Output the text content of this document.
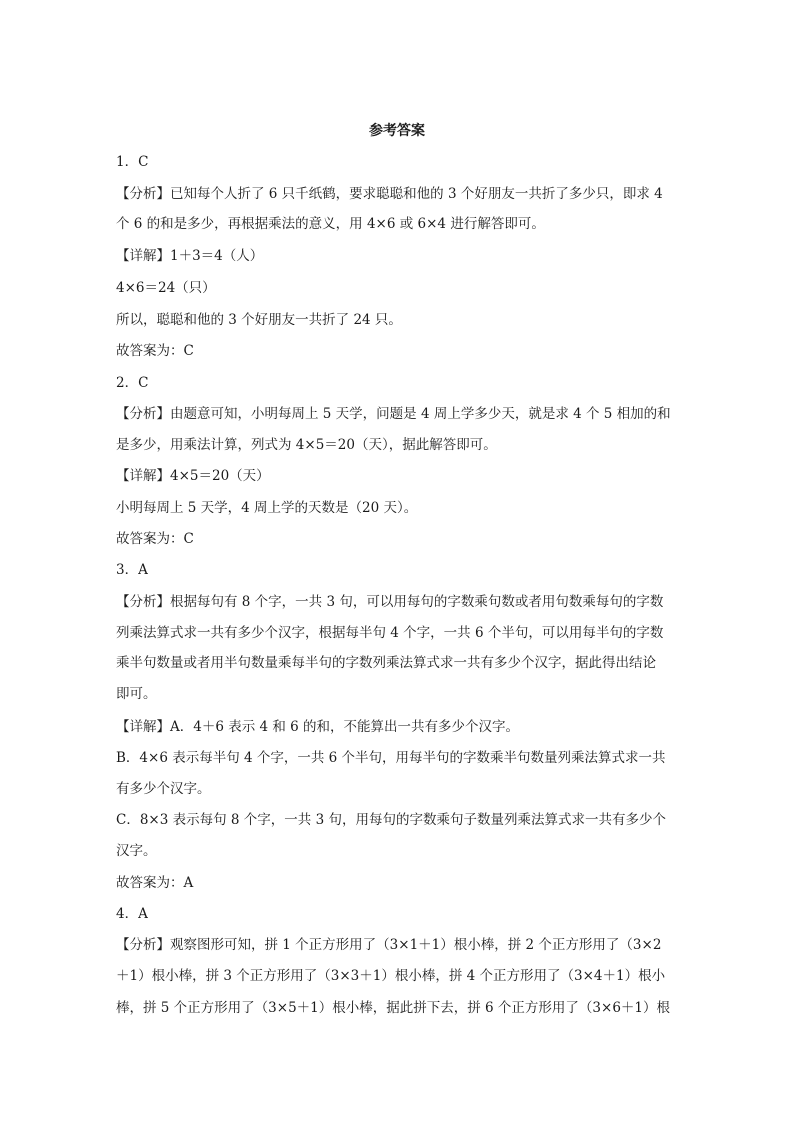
参考答案
1．C
【分析】已知每个人折了 6 只千纸鹤，要求聪聪和他的 3 个好朋友一共折了多少只，即求 4
个 6 的和是多少，再根据乘法的意义，用 4×6 或 6×4 进行解答即可。
【详解】1＋3＝4（人）
4×6＝24（只）
所以，聪聪和他的 3 个好朋友一共折了 24 只。
故答案为：C
2．C
【分析】由题意可知，小明每周上 5 天学，问题是 4 周上学多少天，就是求 4 个 5 相加的和
是多少，用乘法计算，列式为 4×5＝20（天），据此解答即可。
【详解】4×5＝20（天）
小明每周上 5 天学，4 周上学的天数是（20 天）。
故答案为：C
3．A
【分析】根据每句有 8 个字，一共 3 句，可以用每句的字数乘句数或者用句数乘每句的字数
列乘法算式求一共有多少个汉字，根据每半句 4 个字，一共 6 个半句，可以用每半句的字数
乘半句数量或者用半句数量乘每半句的字数列乘法算式求一共有多少个汉字，据此得出结论
即可。
【详解】A．4＋6 表示 4 和 6 的和，不能算出一共有多少个汉字。
B．4×6 表示每半句 4 个字，一共 6 个半句，用每半句的字数乘半句数量列乘法算式求一共
有多少个汉字。
C．8×3 表示每句 8 个字，一共 3 句，用每句的字数乘句子数量列乘法算式求一共有多少个
汉字。
故答案为：A
4．A
【分析】观察图形可知，拼 1 个正方形用了（3×1＋1）根小棒，拼 2 个正方形用了（3×2
＋1）根小棒，拼 3 个正方形用了（3×3＋1）根小棒，拼 4 个正方形用了（3×4＋1）根小
棒，拼 5 个正方形用了（3×5＋1）根小棒，据此拼下去，拼 6 个正方形用了（3×6＋1）根
